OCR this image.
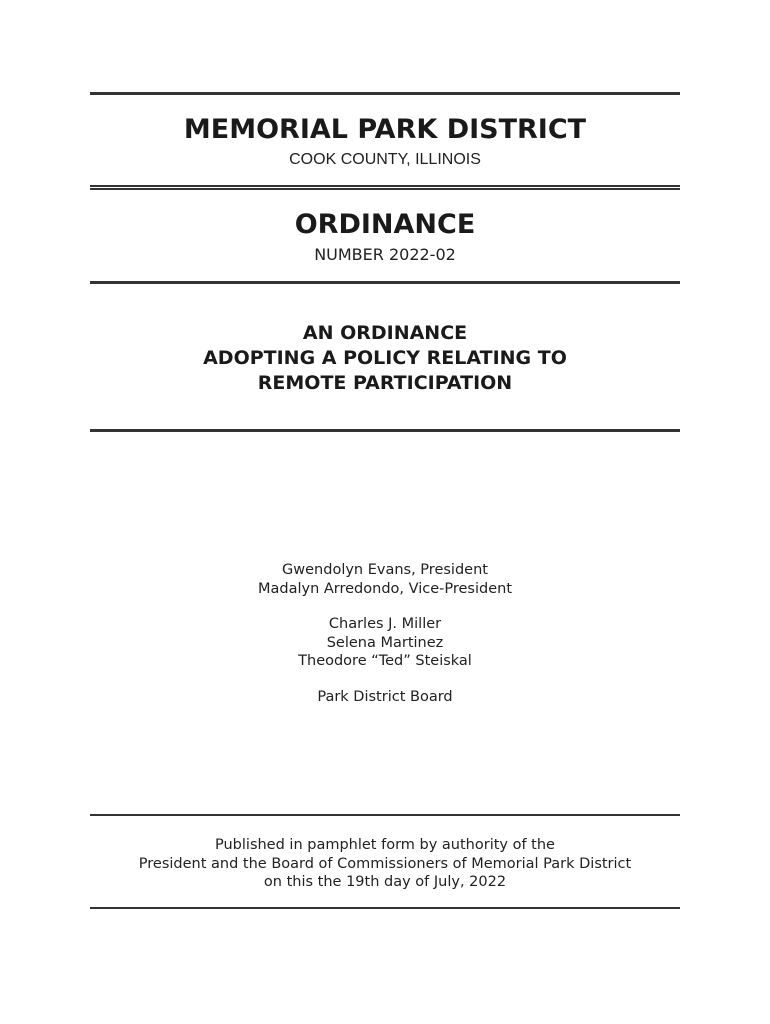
MEMORIAL PARK DISTRICT
COOK COUNTY, ILLINOIS
ORDINANCE
NUMBER 2022-02
AN ORDINANCE
ADOPTING A POLICY RELATING TO
REMOTE PARTICIPATION
Gwendolyn Evans, President
Madalyn Arredondo, Vice-President
Charles J. Miller
Selena Martinez
Theodore “Ted” Steiskal
Park District Board
Published in pamphlet form by authority of the
President and the Board of Commissioners of Memorial Park District
on this the 19th day of July, 2022
